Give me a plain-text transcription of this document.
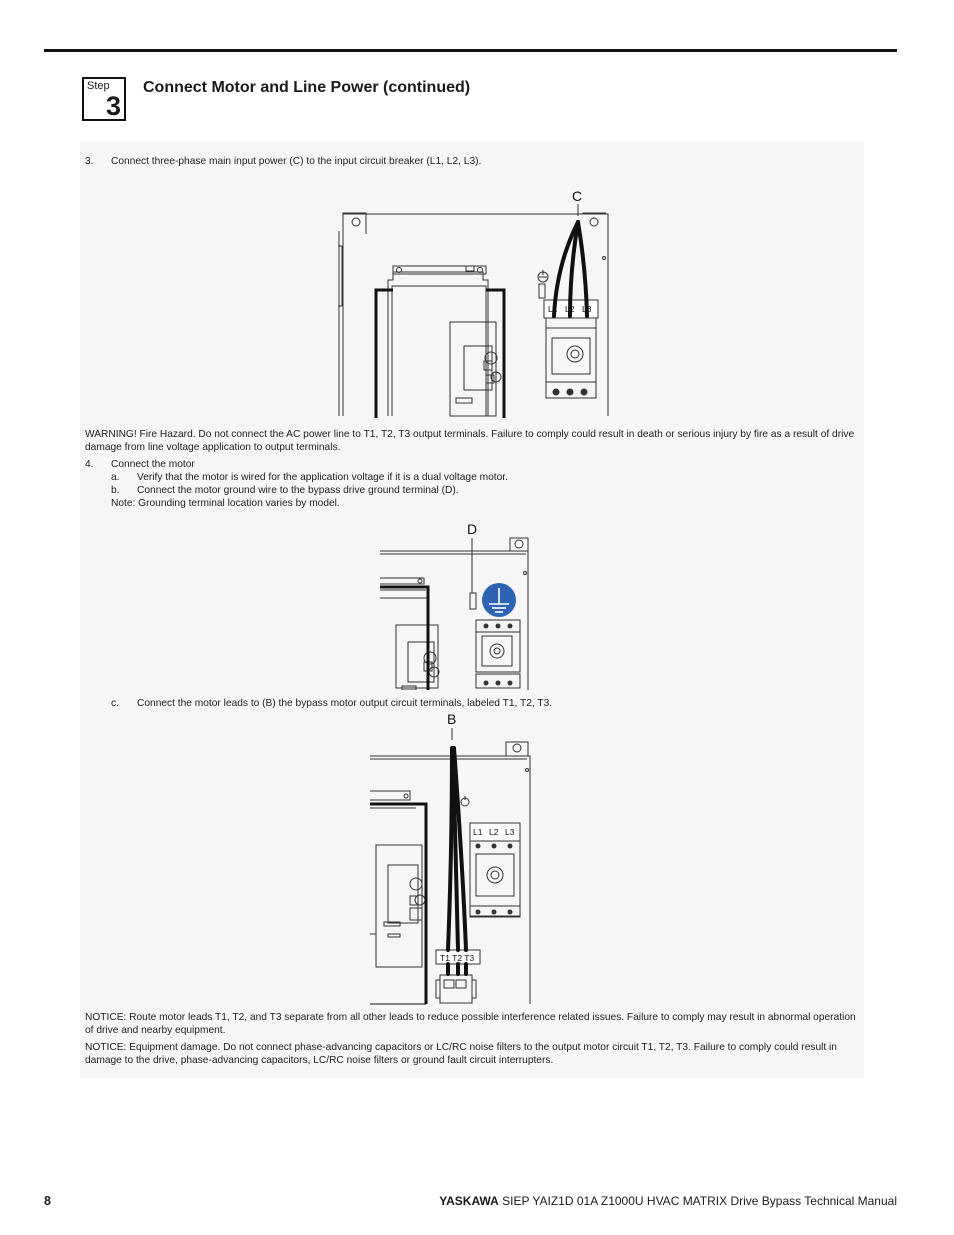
Step
3
Connect Motor and Line Power (continued)
3. Connect three-phase main input power (C) to the input circuit breaker (L1, L2, L3).
C
L1 L2 L3
WARNING! Fire Hazard. Do not connect the AC power line to T1, T2, T3 output terminals. Failure to comply could result in death or serious injury by fire as a result of drive damage from line voltage application to output terminals.
4. Connect the motor
a. Verify that the motor is wired for the application voltage if it is a dual voltage motor.
b. Connect the motor ground wire to the bypass drive ground terminal (D).
Note: Grounding terminal location varies by model.
D
c. Connect the motor leads to (B) the bypass motor output circuit terminals, labeled T1, T2, T3.
B
L1 L2 L3
T1 T2 T3
NOTICE: Route motor leads T1, T2, and T3 separate from all other leads to reduce possible interference related issues. Failure to comply may result in abnormal operation of drive and nearby equipment.
NOTICE: Equipment damage. Do not connect phase-advancing capacitors or LC/RC noise filters to the output motor circuit T1, T2, T3. Failure to comply could result in damage to the drive, phase-advancing capacitors, LC/RC noise filters or ground fault circuit interrupters.
8	YASKAWA SIEP YAIZ1D 01A Z1000U HVAC MATRIX Drive Bypass Technical Manual
